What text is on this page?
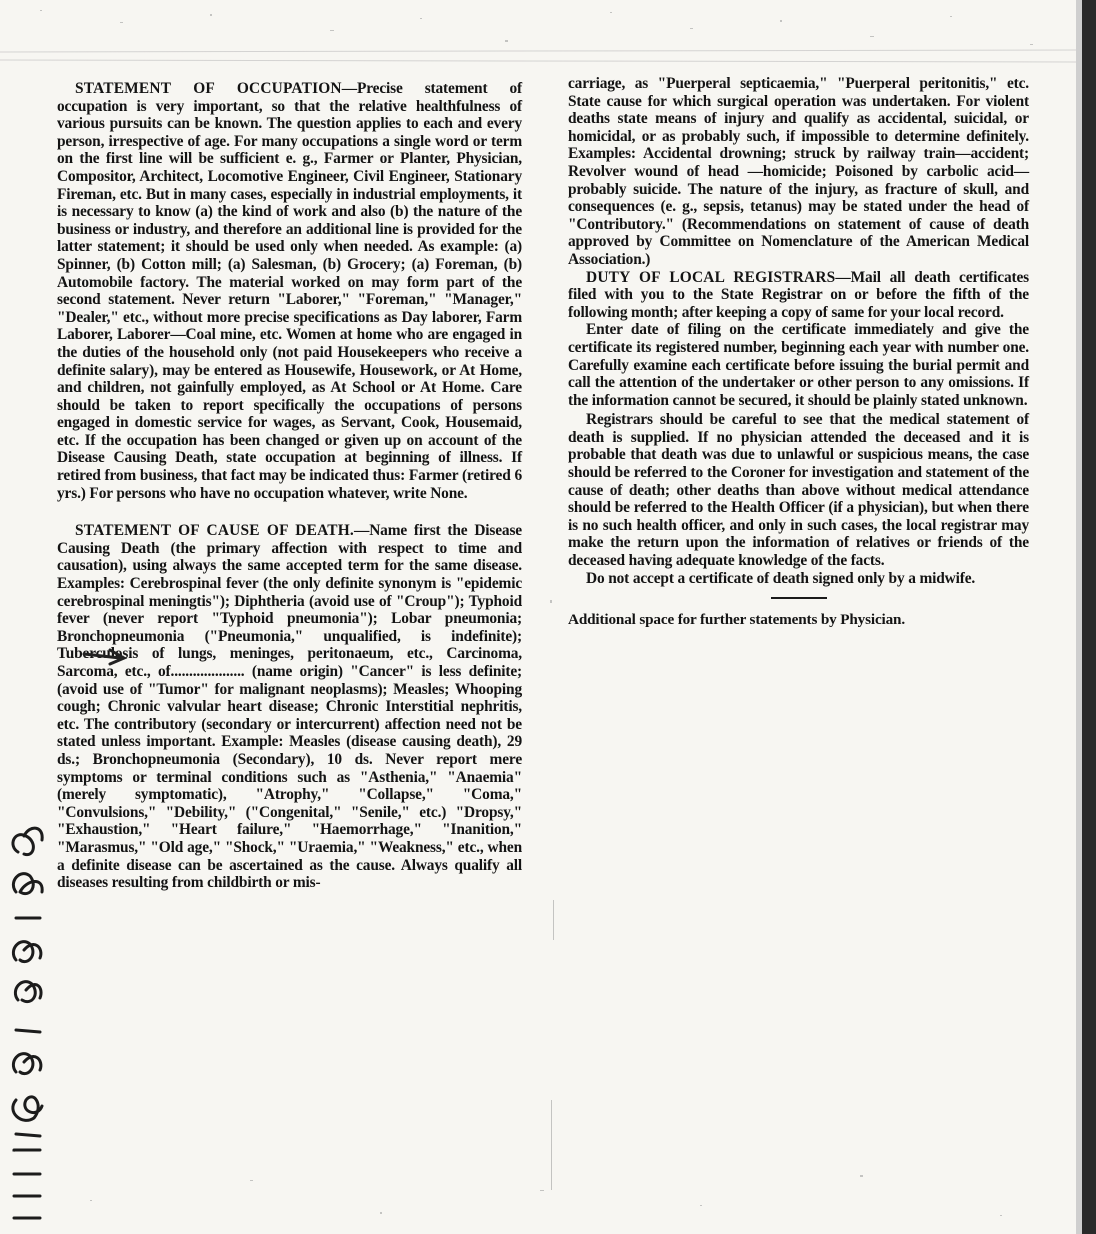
STATEMENT OF OCCUPATION—Precise statement of occupation is very important, so that the relative healthfulness of various pursuits can be known. The question applies to each and every person, irrespective of age. For many occupations a single word or term on the first line will be sufficient e. g., Farmer or Planter, Physician, Compositor, Architect, Locomotive Engineer, Civil Engineer, Stationary Fireman, etc. But in many cases, especially in industrial employments, it is necessary to know (a) the kind of work and also (b) the nature of the business or industry, and therefore an additional line is provided for the latter statement; it should be used only when needed. As example: (a) Spinner, (b) Cotton mill; (a) Salesman, (b) Grocery; (a) Foreman, (b) Automobile factory. The material worked on may form part of the second statement. Never return "Laborer," "Foreman," "Manager," "Dealer," etc., without more precise specifications as Day laborer, Farm Laborer, Laborer—Coal mine, etc. Women at home who are engaged in the duties of the household only (not paid Housekeepers who receive a definite salary), may be entered as Housewife, Housework, or At Home, and children, not gainfully employed, as At School or At Home. Care should be taken to report specifically the occupations of persons engaged in domestic service for wages, as Servant, Cook, Housemaid, etc. If the occupation has been changed or given up on account of the Disease Causing Death, state occupation at beginning of illness. If retired from business, that fact may be indicated thus: Farmer (retired 6 yrs.) For persons who have no occupation whatever, write None.

STATEMENT OF CAUSE OF DEATH.—Name first the Disease Causing Death (the primary affection with respect to time and causation), using always the same accepted term for the same disease. Examples: Cerebrospinal fever (the only definite synonym is "epidemic cerebrospinal meningtis"); Diphtheria (avoid use of "Croup"); Typhoid fever (never report "Typhoid pneumonia"); Lobar pneumonia; Bronchopneumonia ("Pneumonia," unqualified, is indefinite); Tuberculosis of lungs, meninges, peritonaeum, etc., Carcinoma, Sarcoma, etc., of.................... (name origin) "Cancer" is less definite; (avoid use of "Tumor" for malignant neoplasms); Measles; Whooping cough; Chronic valvular heart disease; Chronic Interstitial nephritis, etc. The contributory (secondary or intercurrent) affection need not be stated unless important. Example: Measles (disease causing death), 29 ds.; Bronchopneumonia (Secondary), 10 ds. Never report mere symptoms or terminal conditions such as "Asthenia," "Anaemia" (merely symptomatic), "Atrophy," "Collapse," "Coma," "Convulsions," "Debility," ("Congenital," "Senile," etc.) "Dropsy," "Exhaustion," "Heart failure," "Haemorrhage," "Inanition," "Marasmus," "Old age," "Shock," "Uraemia," "Weakness," etc., when a definite disease can be ascertained as the cause. Always qualify all diseases resulting from childbirth or mis-

carriage, as "Puerperal septicaemia," "Puerperal peritonitis," etc. State cause for which surgical operation was undertaken. For violent deaths state means of injury and qualify as accidental, suicidal, or homicidal, or as probably such, if impossible to determine definitely. Examples: Accidental drowning; struck by railway train—accident; Revolver wound of head —homicide; Poisoned by carbolic acid—probably suicide. The nature of the injury, as fracture of skull, and consequences (e. g., sepsis, tetanus) may be stated under the head of "Contributory." (Recommendations on statement of cause of death approved by Committee on Nomenclature of the American Medical Association.)

DUTY OF LOCAL REGISTRARS—Mail all death certificates filed with you to the State Registrar on or before the fifth of the following month; after keeping a copy of same for your local record.

Enter date of filing on the certificate immediately and give the certificate its registered number, beginning each year with number one. Carefully examine each certificate before issuing the burial permit and call the attention of the undertaker or other person to any omissions. If the information cannot be secured, it should be plainly stated unknown.

Registrars should be careful to see that the medical statement of death is supplied. If no physician attended the deceased and it is probable that death was due to unlawful or suspicious means, the case should be referred to the Coroner for investigation and statement of the cause of death; other deaths than above without medical attendance should be referred to the Health Officer (if a physician), but when there is no such health officer, and only in such cases, the local registrar may make the return upon the information of relatives or friends of the deceased having adequate knowledge of the facts.

Do not accept a certificate of death signed only by a midwife.

Additional space for further statements by Physician.
